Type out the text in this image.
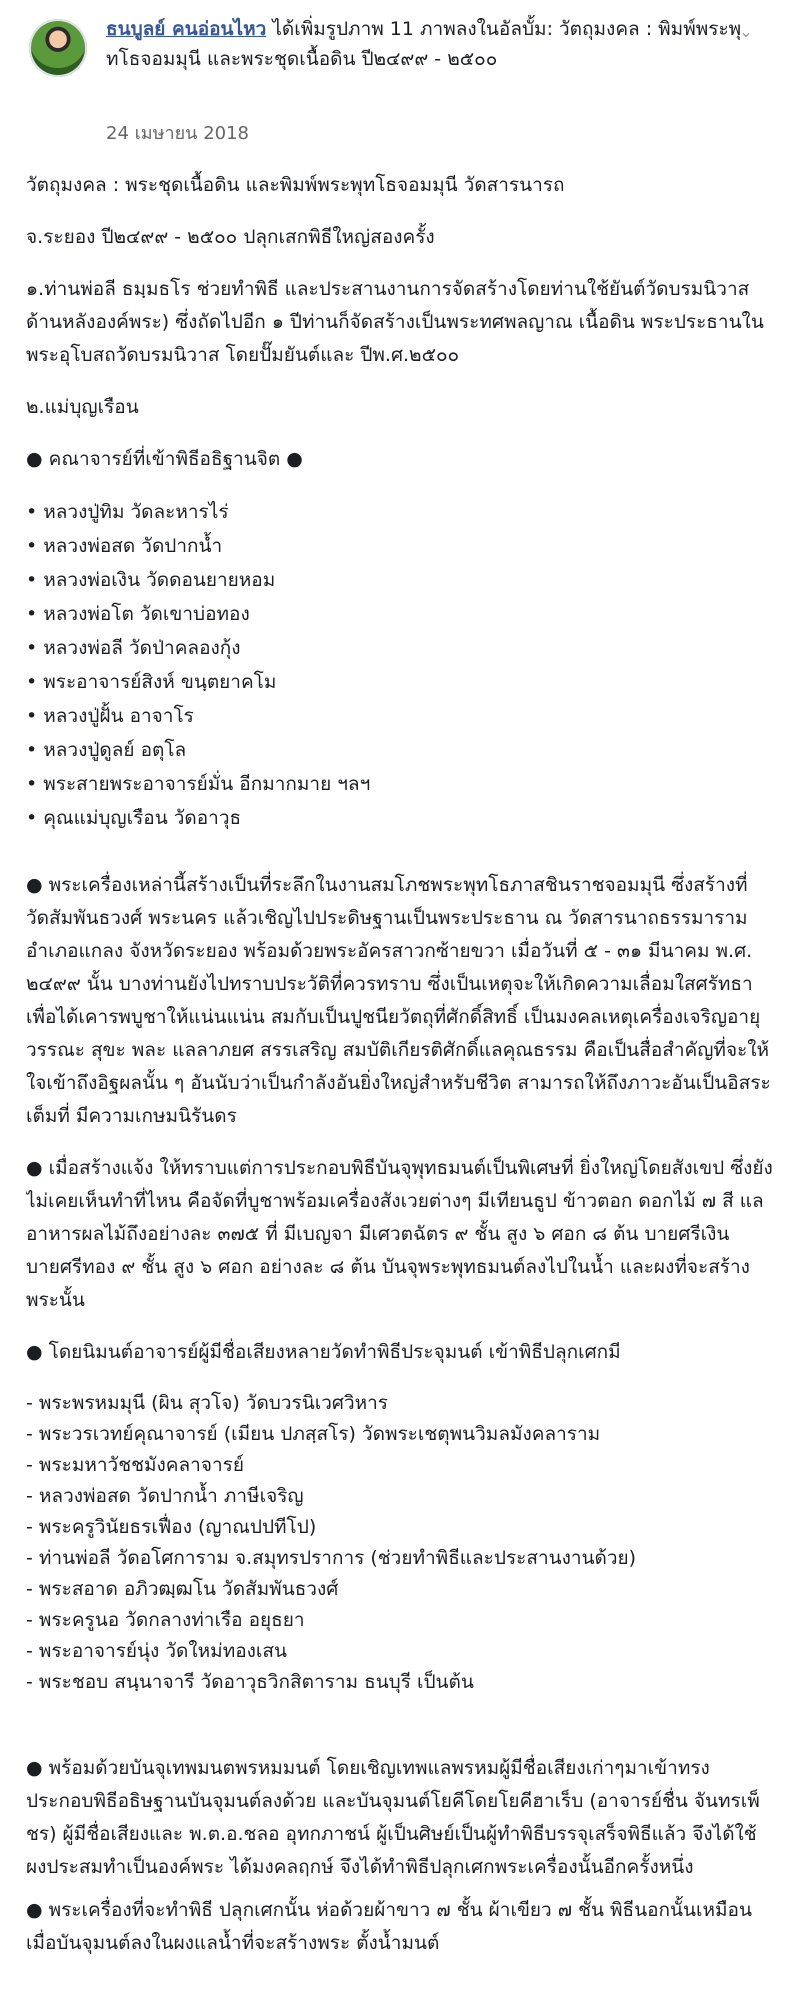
ธนบูลย์ คนอ่อนไหว ได้เพิ่มรูปภาพ 11 ภาพลงในอัลบั้ม: วัตถุมงคล : พิมพ์พระพุทโธจอมมุนี และพระชุดเนื้อดิน ปี๒๔๙๙ - ๒๕๐๐
24 เมษายน 2018
⌄

วัตถุมงคล : พระชุดเนื้อดิน และพิมพ์พระพุทโธจอมมุนี วัดสารนารถ

จ.ระยอง ปี๒๔๙๙ - ๒๕๐๐ ปลุกเสกพิธีใหญ่สองครั้ง

๑.ท่านพ่อลี ธมฺมธโร ช่วยทำพิธี และประสานงานการจัดสร้างโดยท่านใช้ยันต์วัดบรมนิวาสด้านหลังองค์พระ) ซึ่งถัดไปอีก ๑ ปีท่านก็จัดสร้างเป็นพระทศพลญาณ เนื้อดิน พระประธานในพระอุโบสถวัดบรมนิวาส โดยปั๊มยันต์และ ปีพ.ศ.๒๕๐๐

๒.แม่บุญเรือน

● คณาจารย์ที่เข้าพิธีอธิฐานจิต ●

• หลวงปู่ทิม วัดละหารไร่
• หลวงพ่อสด วัดปากน้ำ
• หลวงพ่อเงิน วัดดอนยายหอม
• หลวงพ่อโต วัดเขาบ่อทอง
• หลวงพ่อลี วัดป่าคลองกุ้ง
• พระอาจารย์สิงห์ ขนฺตยาคโม
• หลวงปู่ฝั้น อาจาโร
• หลวงปู่ดูลย์ อตุโล
• พระสายพระอาจารย์มั่น อีกมากมาย ฯลฯ
• คุณแม่บุญเรือน วัดอาวุธ

● พระเครื่องเหล่านี้สร้างเป็นที่ระลึกในงานสมโภชพระพุทโธภาสชินราชจอมมุนี ซึ่งสร้างที่ วัดสัมพันธวงศ์ พระนคร แล้วเชิญไปประดิษฐานเป็นพระประธาน ณ วัดสารนาถธรรมาราม อำเภอแกลง จังหวัดระยอง พร้อมด้วยพระอัครสาวกซ้ายขวา เมื่อวันที่ ๕ - ๓๑ มีนาคม พ.ศ. ๒๔๙๙ นั้น บางท่านยังไปทราบประวัติที่ควรทราบ ซึ่งเป็นเหตุจะให้เกิดความเลื่อมใสศรัทธา เพื่อได้เคารพบูชาให้แน่นแน่น สมกับเป็นปูชนียวัตถุที่ศักดิ์สิทธิ์ เป็นมงคลเหตุเครื่องเจริญอายุ วรรณะ สุขะ พละ แลลาภยศ สรรเสริญ สมบัติเกียรติศักดิ์แลคุณธรรม คือเป็นสื่อสำคัญที่จะให้ใจเข้าถึงอิฐผลนั้น ๆ อันนับว่าเป็นกำลังอันยิ่งใหญ่สำหรับชีวิต สามารถให้ถึงภาวะอันเป็นอิสระเต็มที่ มีความเกษมนิรันดร

● เมื่อสร้างแจ้ง ให้ทราบแต่การประกอบพิธีบันจุพุทธมนต์เป็นพิเศษที่ ยิ่งใหญ่โดยสังเขป ซึ่งยังไม่เคยเห็นทำที่ไหน คือจัดที่บูชาพร้อมเครื่องสังเวยต่างๆ มีเทียนธูป ข้าวตอก ดอกไม้ ๗ สี แลอาหารผลไม้ถึงอย่างละ ๓๗๕ ที่ มีเบญจา มีเศวตฉัตร ๙ ชั้น สูง ๖ ศอก ๘ ต้น บายศรีเงิน บายศรีทอง ๙ ชั้น สูง ๖ ศอก อย่างละ ๘ ต้น บันจุพระพุทธมนต์ลงไปในน้ำ และผงที่จะสร้างพระนั้น

● โดยนิมนต์อาจารย์ผู้มีชื่อเสียงหลายวัดทำพิธีประจุมนต์ เข้าพิธีปลุกเศกมี

- พระพรหมมุนี (ผิน สุวโจ) วัดบวรนิเวศวิหาร
- พระวรเวทย์คุณาจารย์ (เมียน ปภสฺสโร) วัดพระเชตุพนวิมลมังคลาราม
- พระมหาวัชชมังคลาจารย์
- หลวงพ่อสด วัดปากน้ำ ภาษีเจริญ
- พระครูวินัยธรเฟื่อง (ญาณปปทีโป)
- ท่านพ่อลี วัดอโศการาม จ.สมุทรปราการ (ช่วยทำพิธีและประสานงานด้วย)
- พระสอาด อภิวฒฺฒโน วัดสัมพันธวงศ์
- พระครูนอ วัดกลางท่าเรือ อยุธยา
- พระอาจารย์นุ่ง วัดใหม่ทองเสน
- พระชอบ สนฺนาจารี วัดอาวุธวิกสิตาราม ธนบุรี เป็นต้น

● พร้อมด้วยบันจุเทพมนตพรหมมนต์ โดยเชิญเทพแลพรหมผู้มีชื่อเสียงเก่าๆมาเข้าทรงประกอบพิธีอธิษฐานบันจุมนต์ลงด้วย และบันจุมนต์โยคีโดยโยคีฮาเร็บ (อาจารย์ชื่น จันทรเพ็ชร) ผู้มีชื่อเสียงและ พ.ต.อ.ชลอ อุทกภาชน์ ผู้เป็นศิษย์เป็นผู้ทำพิธีบรรจุเสร็จพิธีแล้ว จึงได้ใช้ผงประสมทำเป็นองค์พระ ได้มงคลฤกษ์ จึงได้ทำพิธีปลุกเศกพระเครื่องนั้นอีกครั้งหนึ่ง

● พระเครื่องที่จะทำพิธี ปลุกเศกนั้น ห่อด้วยผ้าขาว ๗ ชั้น ผ้าเขียว ๗ ชั้น พิธีนอกนั้นเหมือนเมื่อบันจุมนต์ลงในผงแลน้ำที่จะสร้างพระ ตั้งน้ำมนต์
